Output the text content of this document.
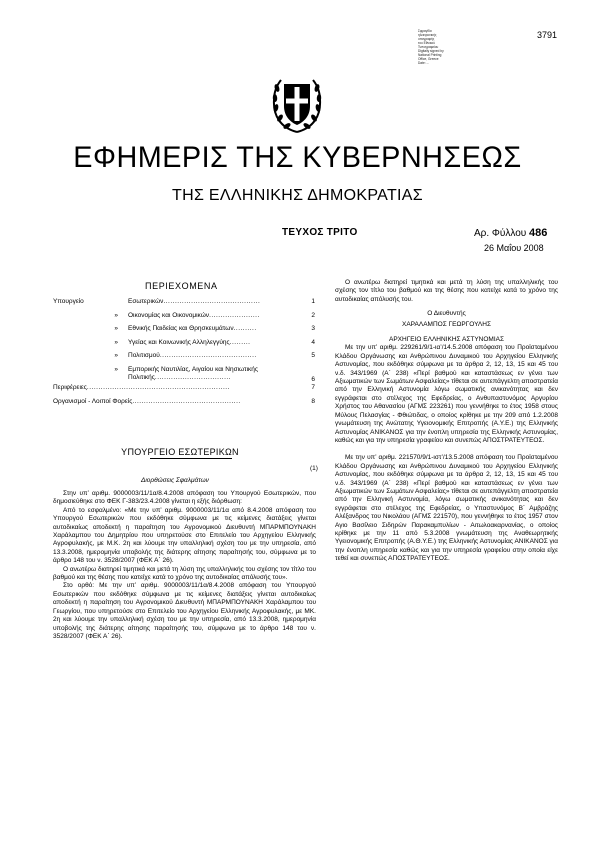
Σφραγίδα
ηλεκτρονικής
υπογραφής
του Εθνικού
Τυπογραφείου
Digitally signed by
National Printing
Office, Greece
Date: ...
3791
ΕΦΗΜΕΡΙΣ ΤΗΣ ΚΥΒΕΡΝΗΣΕΩΣ
ΤΗΣ ΕΛΛΗΝΙΚΗΣ ΔΗΜΟΚΡΑΤΙΑΣ
ΤΕΥΧΟΣ ΤΡΙΤΟ	Αρ. Φύλλου 486
26 Μαΐου 2008
ΠΕΡΙΕΧΟΜΕΝΑ
Υπουργείο	Εσωτερικών..........................................	1
»	Οικονομίας και Οικονομικών......................	2
»	Εθνικής Παιδείας και Θρησκευμάτων..........	3
»	Υγείας και Κοινωνικής Αλληλεγγύης.........	4
»	Πολιτισμού..........................................	5
»	Εμπορικής Ναυτιλίας, Αιγαίου και Νησιωτικής Πολιτικής.................................	6
Περιφέρειες..............................................................	7
Οργανισμοί - Λοιποί Φορείς...............................................	8
ΥΠΟΥΡΓΕΙΟ ΕΣΩΤΕΡΙΚΩΝ
(1)
Διορθώσεις Σφαλμάτων

Στην υπ’ αριθμ. 9000003/11/1α/8.4.2008 απόφαση του Υπουργού Εσωτερικών, που δημοσιεύθηκε στο ΦΕΚ Γ-383/23.4.2008 γίνεται η εξής διόρθωση:

Από το εσφαλμένο: «Με την υπ’ αριθμ. 9000003/11/1α από 8.4.2008 απόφαση του Υπουργού Εσωτερικών που εκδόθηκε σύμφωνα με τις κείμενες διατάξεις γίνεται αυτοδικαίως αποδεκτή η παραίτηση του Αγρονομικού Διευθυντή ΜΠΑΡΜΠΟΥΝΑΚΗ Χαράλαμπου του Δημητρίου που υπηρετούσε στο Επιτελείο του Αρχηγείου Ελληνικής Αγροφυλακής, με Μ.Κ. 2η και λύουμε την υπαλληλική σχέση του με την υπηρεσία, από 13.3.2008, ημερομηνία υποβολής της διάτερης αίτησης παραίτησής του, σύμφωνα με το άρθρο 148 του ν. 3528/2007 (ΦΕΚ Α΄ 26).

Ο ανωτέρω διατηρεί τιμητικά και μετά τη λύση της υπαλληλικής του σχέσης τον τίτλο του βαθμού και της θέσης που κατείχε κατά το χρόνο της αυτοδικαίας απόλυσής του».

Στο ορθό: Με την υπ’ αριθμ. 9000003/11/1α/8.4.2008 απόφαση του Υπουργού Εσωτερικών που εκδόθηκε σύμφωνα με τις κείμενες διατάξεις γίνεται αυτοδικαίως αποδεκτή η παραίτηση του Αγρονομικού Διευθυντή ΜΠΑΡΜΠΟΥΝΑΚΗ Χαράλαμπου του Γεωργίου, που υπηρετούσε στο Επιτελείο του Αρχηγείου Ελληνικής Αγροφυλακής, με ΜΚ. 2η και λύουμε την υπαλληλική σχέση του με την υπηρεσία, από 13.3.2008, ημερομηνία υποβολής της διάτερης αίτησης παραίτησής του, σύμφωνα με το άρθρο 148 του ν. 3528/2007 (ΦΕΚ Α΄ 26).

Ο ανωτέρω διατηρεί τιμητικά και μετά τη λύση της υπαλληλικής του σχέσης τον τίτλο του βαθμού και της θέσης που κατείχε κατά το χρόνο της αυτοδικαίας απόλυσής του.

Ο Διευθυντής
ΧΑΡΑΛΑΜΠΟΣ ΓΕΩΡΓΟΥΛΗΣ
ΑΡΧΗΓΕΙΟ ΕΛΛΗΝΙΚΗΣ ΑΣΤΥΝΟΜΙΑΣ

Με την υπ’ αριθμ. 229261/9/1-ια’/14.5.2008 απόφαση του Προϊσταμένου Κλάδου Οργάνωσης και Ανθρώπινου Δυναμικού του Αρχηγείου Ελληνικής Αστυνομίας, που εκδόθηκε σύμφωνα με τα άρθρα 2, 12, 13, 15 και 45 του ν.δ. 343/1969 (Α΄ 238) «Περί βαθμού και καταστάσεως εν γένει των Αξιωματικών των Σωμάτων Ασφαλείας» τίθεται σε αυτεπάγγελτη αποστρατεία από την Ελληνική Αστυνομία λόγω σωματικής ανικανότητας και δεν εγγράφεται στο στέλεχος της Εφεδρείας, ο Ανθυπαστυνόμος Αργυρίου Χρήστος του Αθανασίου (ΑΓΜΣ 223261) που γεννήθηκε το έτος 1958 στους Μύλους Πελασγίας - Φθιώτιδας, ο οποίος κρίθηκε με την 209 από 1.2.2008 γνωμάτευση της Ανώτατης Υγειονομικής Επιτροπής (Α.Υ.Ε.) της Ελληνικής Αστυνομίας ΑΝΙΚΑΝΟΣ για την ένοπλη υπηρεσία της Ελληνικής Αστυνομίας, καθώς και για την υπηρεσία γραφείου και συνεπώς ΑΠΟΣΤΡΑΤΕΥΤΕΟΣ.

Με την υπ’ αριθμ. 221570/9/1-ιστ’/13.5.2008 απόφαση του Προϊσταμένου Κλάδου Οργάνωσης και Ανθρώπινου Δυναμικού του Αρχηγείου Ελληνικής Αστυνομίας, που εκδόθηκε σύμφωνα με τα άρθρα 2, 12, 13, 15 και 45 του ν.δ. 343/1969 (Α΄ 238) «Περί βαθμού και καταστάσεως εν γένει των Αξιωματικών των Σωμάτων Ασφαλείας» τίθεται σε αυτεπάγγελτη αποστρατεία από την Ελληνική Αστυνομία, λόγω σωματικής ανικανότητας και δεν εγγράφεται στο στέλεχος της Εφεδρείας, ο Υπαστυνόμος Β΄ Αμβράζης Αλέξανδρος του Νικολάου (ΑΓΜΣ 221570), που γεννήθηκε το έτος 1957 στον Αγιο Βασίλειο Σιδηρών Παρακαμπυλίων - Αιτωλοακαρνανίας, ο οποίος κρίθηκε με την 11 από 5.3.2008 γνωμάτευση της Αναθεωρητικής Υγειονομικής Επιτροπής (Α.Θ.Υ.Ε.) της Ελληνικής Αστυνομίας ΑΝΙΚΑΝΟΣ για την ένοπλη υπηρεσία καθώς και για την υπηρεσία γραφείου στην οποία είχε τεθεί και συνεπώς ΑΠΟΣΤΡΑΤΕΥΤΕΟΣ.
